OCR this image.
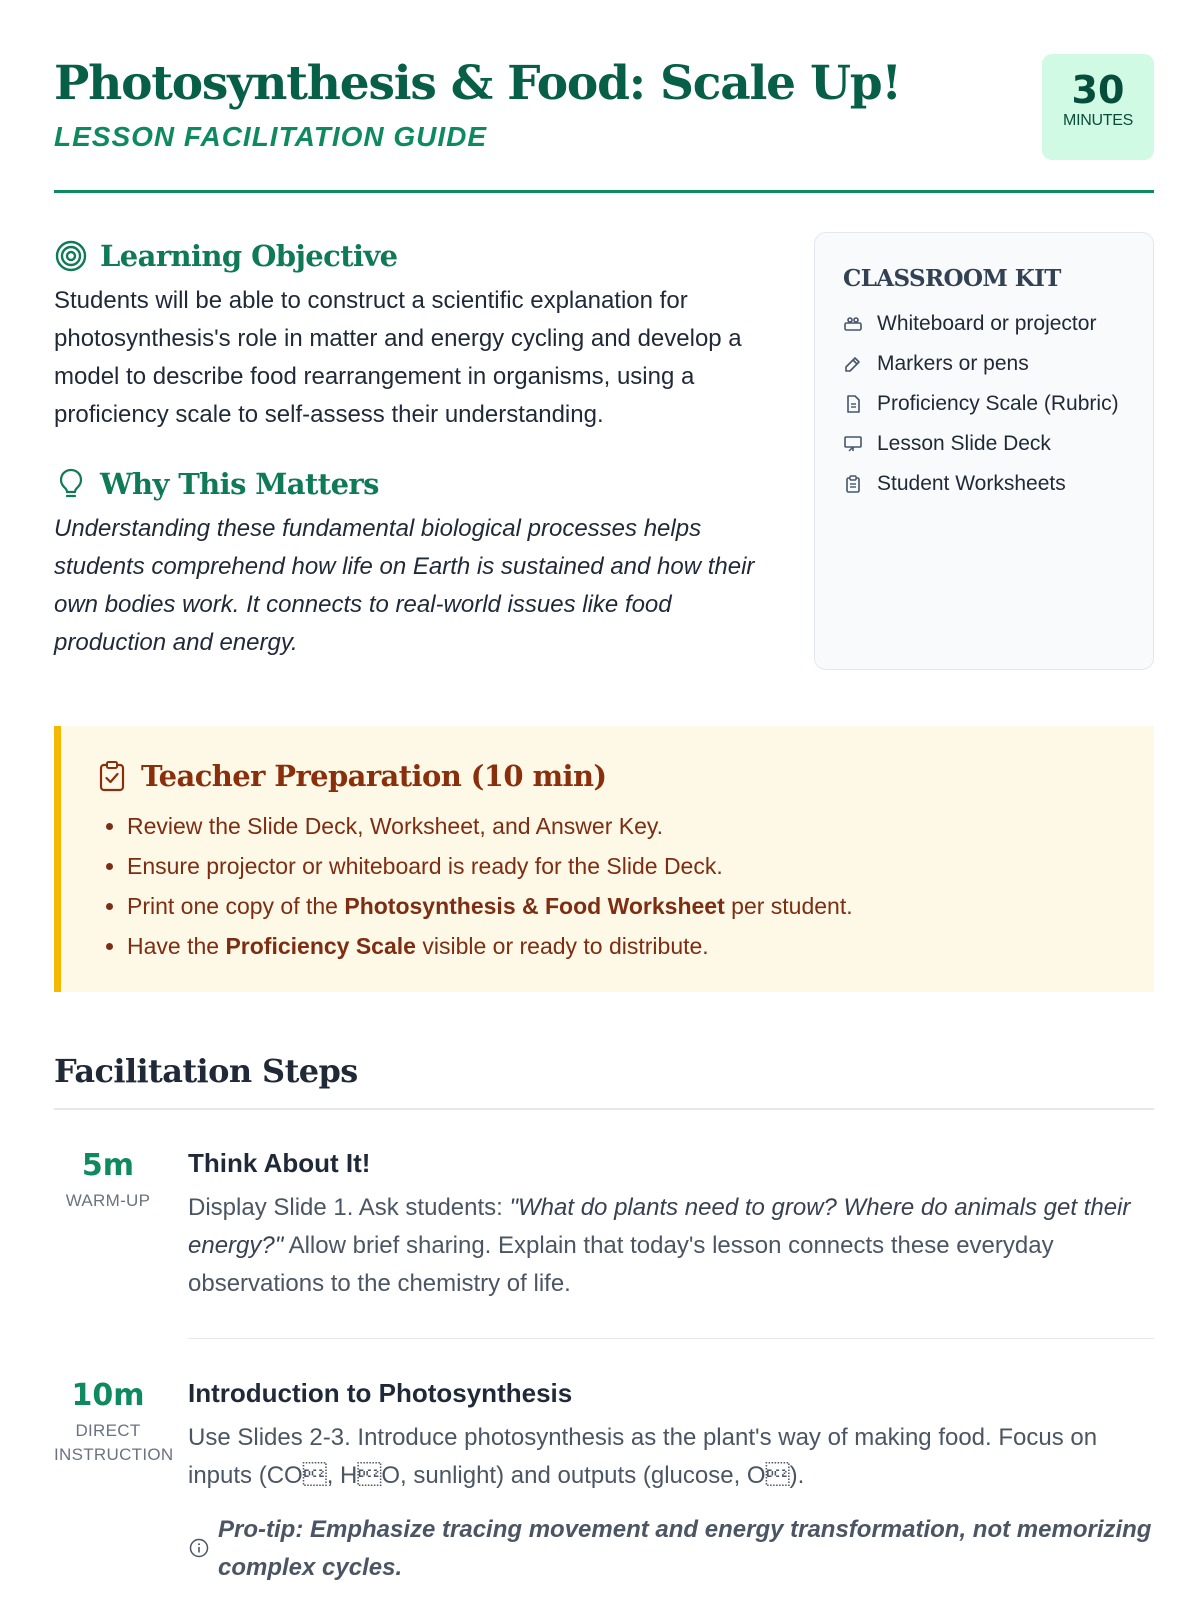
Photosynthesis & Food: Scale Up!
LESSON FACILITATION GUIDE
30
MINUTES
Learning Objective
Students will be able to construct a scientific explanation for photosynthesis's role in matter and energy cycling and develop a model to describe food rearrangement in organisms, using a proficiency scale to self-assess their understanding.
Why This Matters
Understanding these fundamental biological processes helps students comprehend how life on Earth is sustained and how their own bodies work. It connects to real-world issues like food production and energy.
CLASSROOM KIT
Whiteboard or projector
Markers or pens
Proficiency Scale (Rubric)
Lesson Slide Deck
Student Worksheets
Teacher Preparation (10 min)
• Review the Slide Deck, Worksheet, and Answer Key.
• Ensure projector or whiteboard is ready for the Slide Deck.
• Print one copy of the Photosynthesis & Food Worksheet per student.
• Have the Proficiency Scale visible or ready to distribute.
Facilitation Steps
5m
WARM-UP
Think About It!

Display Slide 1. Ask students: "What do plants need to grow? Where do animals get their energy?" Allow brief sharing. Explain that today's lesson connects these everyday observations to the chemistry of life.

10m
DIRECT
INSTRUCTION
Introduction to Photosynthesis

Use Slides 2-3. Introduce photosynthesis as the plant's way of making food. Focus on inputs (CO, HO, sunlight) and outputs (glucose, O).

Pro-tip: Emphasize tracing movement and energy transformation, not memorizing complex cycles.
